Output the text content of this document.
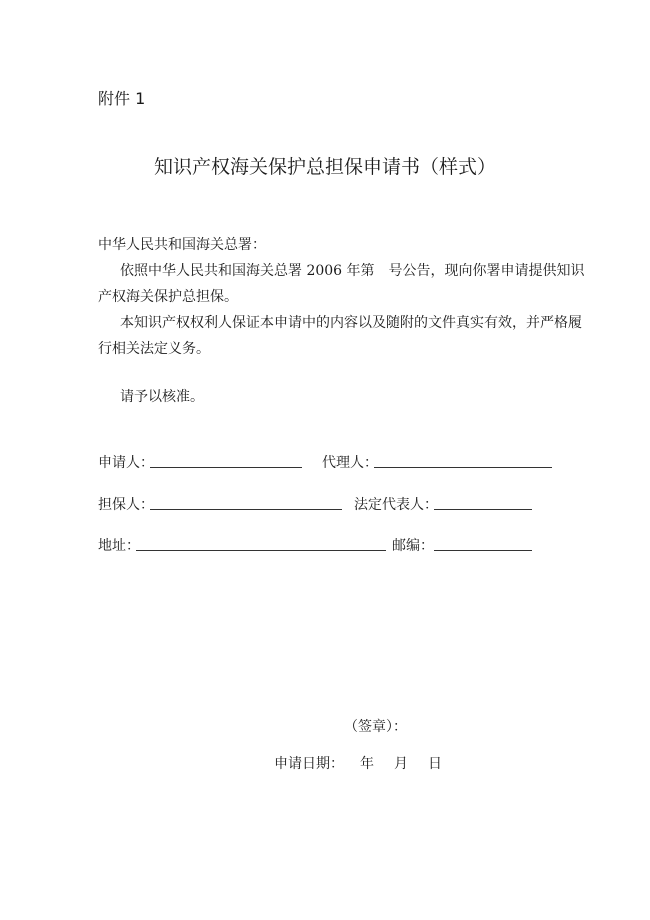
附件 1
知识产权海关保护总担保申请书（样式）
中华人民共和国海关总署：
依照中华人民共和国海关总署 2006 年第　号公告，现向你署申请提供知识
产权海关保护总担保。
本知识产权权利人保证本申请中的内容以及随附的文件真实有效，并严格履
行相关法定义务。
请予以核准。
申请人：	代理人：
担保人：	法定代表人：
地址：	邮编：
（签章）：
申请日期： 年 月 日
